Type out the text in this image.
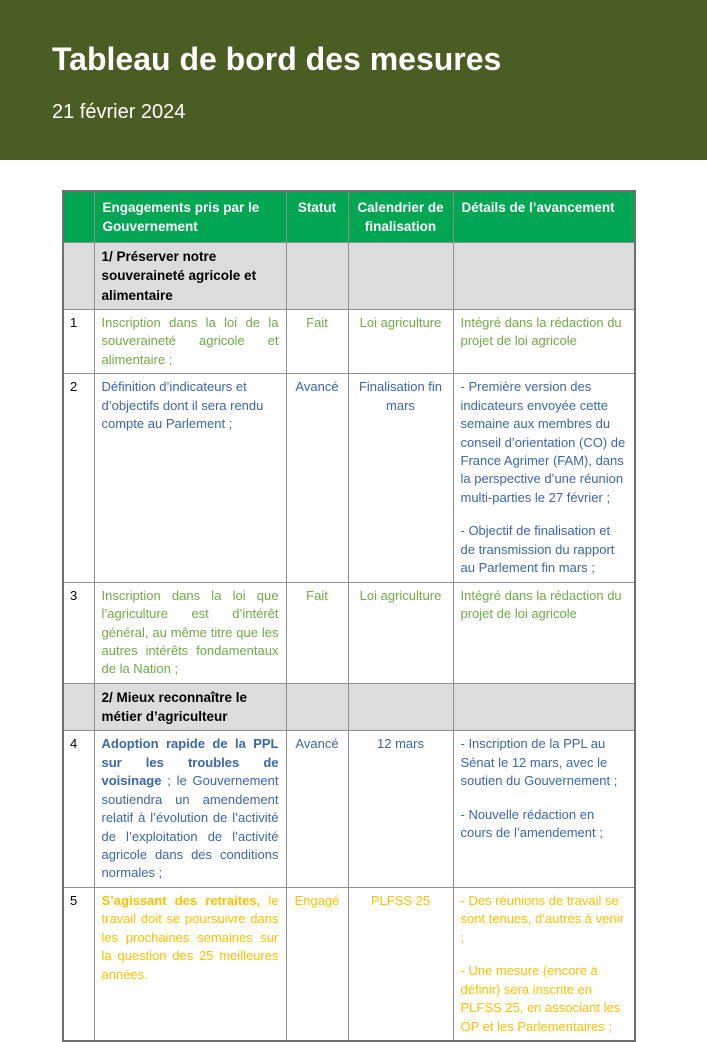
Tableau de bord des mesures
21 février 2024
	Engagements pris par le Gouvernement	Statut	Calendrier de finalisation	Détails de l’avancement
	1/ Préserver notre souveraineté agricole et alimentaire			
1	Inscription dans la loi de la souveraineté agricole et alimentaire ;	Fait	Loi agriculture	Intégré dans la rédaction du projet de loi agricole

2	Définition d’indicateurs et d’objectifs dont il sera rendu compte au Parlement ;	Avancé	Finalisation fin mars	- Première version des indicateurs envoyée cette semaine aux membres du conseil d’orientation (CO) de France Agrimer (FAM), dans la perspective d’une réunion multi-parties le 27 février ;

- Objectif de finalisation et de transmission du rapport au Parlement fin mars ;

3	Inscription dans la loi que l’agriculture est d’intérêt général, au même titre que les autres intérêts fondamentaux de la Nation ;	Fait	Loi agriculture	Intégré dans la rédaction du projet de loi agricole

	2/ Mieux reconnaître le métier d’agriculteur			
4	Adoption rapide de la PPL sur les troubles de voisinage ; le Gouvernement soutiendra un amendement relatif à l’évolution de l’activité de l’exploitation de l’activité agricole dans des conditions normales ;	Avancé	12 mars	- Inscription de la PPL au Sénat le 12 mars, avec le soutien du Gouvernement ;

- Nouvelle rédaction en cours de l’amendement ;

5	S’agissant des retraites, le travail doit se poursuivre dans les prochaines semaines sur la question des 25 meilleures années.	Engagé	PLFSS 25	- Des réunions de travail se sont tenues, d’autres à venir ;

- Une mesure (encore à définir) sera inscrite en PLFSS 25, en associant les OP et les Parlementaires ;
